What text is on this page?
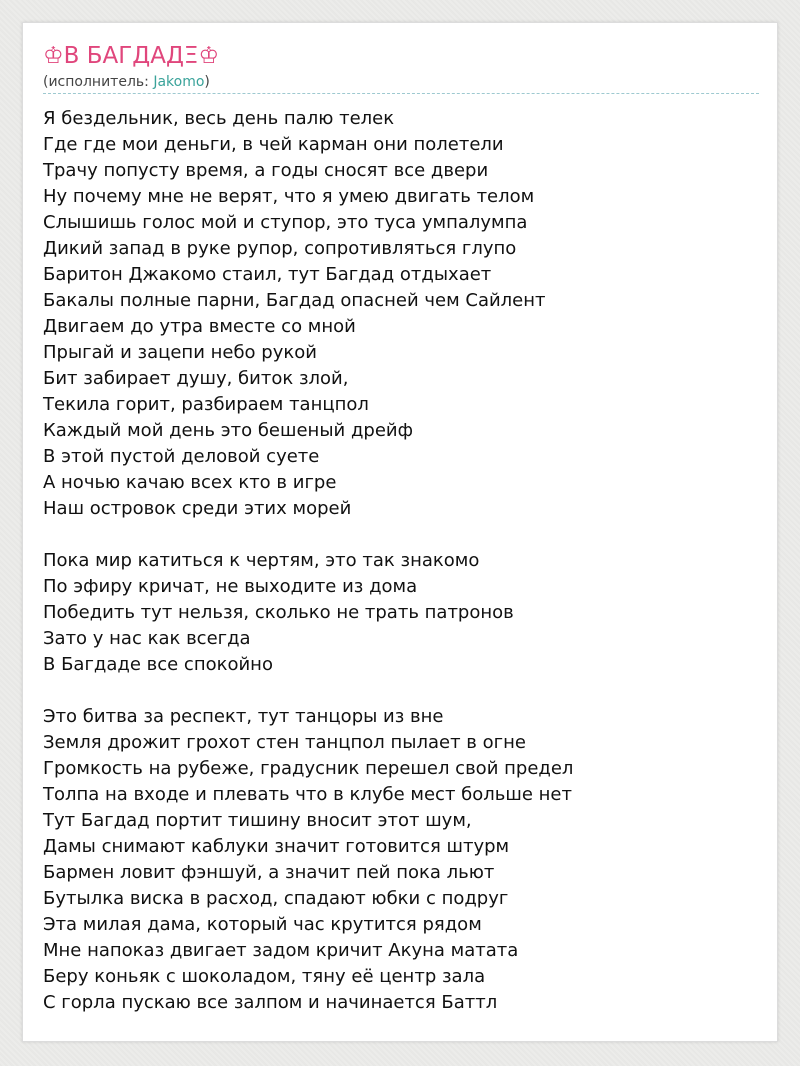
♔В БАГДАДΞ♔
(исполнитель: Jakomo)
Я бездельник, весь день палю телек
Где где мои деньги, в чей карман они полетели
Трачу попусту время, а годы сносят все двери
Ну почему мне не верят, что я умею двигать телом
Слышишь голос мой и ступор, это туса умпалумпа
Дикий запад в руке рупор, сопротивляться глупо
Баритон Джакомо стаил, тут Багдад отдыхает
Бакалы полные парни, Багдад опасней чем Сайлент
Двигаем до утра вместе со мной
Прыгай и зацепи небо рукой
Бит забирает душу, биток злой,
Текила горит, разбираем танцпол
Каждый мой день это бешеный дрейф
В этой пустой деловой суете
А ночью качаю всех кто в игре
Наш островок среди этих морей
Пока мир катиться к чертям, это так знакомо
По эфиру кричат, не выходите из дома
Победить тут нельзя, сколько не трать патронов
Зато у нас как всегда
В Багдаде все спокойно
Это битва за респект, тут танцоры из вне
Земля дрожит грохот стен танцпол пылает в огне
Громкость на рубеже, градусник перешел свой предел
Толпа на входе и плевать что в клубе мест больше нет
Тут Багдад портит тишину вносит этот шум,
Дамы снимают каблуки значит готовится штурм
Бармен ловит фэншуй, а значит пей пока льют
Бутылка виска в расход, спадают юбки с подруг
Эта милая дама, который час крутится рядом
Мне напоказ двигает задом кричит Акуна матата
Беру коньяк с шоколадом, тяну её центр зала
С горла пускаю все залпом и начинается Баттл
